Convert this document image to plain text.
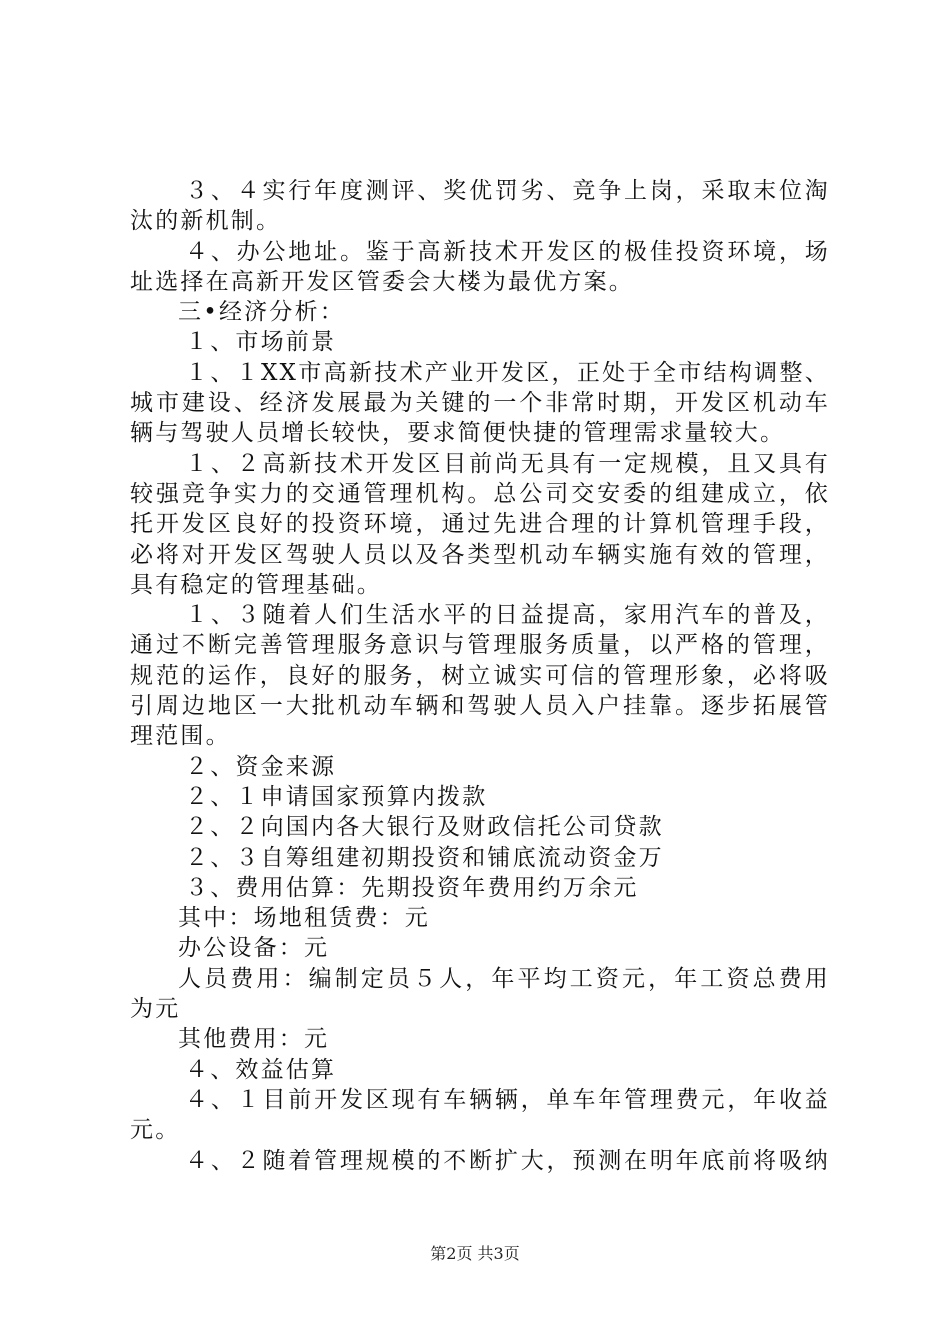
３、４实行年度测评、奖优罚劣、竞争上岗，采取末位淘
汰的新机制。
４、办公地址。鉴于高新技术开发区的极佳投资环境，场
址选择在高新开发区管委会大楼为最优方案。
三•经济分析：
１、市场前景
１、１XX市高新技术产业开发区，正处于全市结构调整、
城市建设、经济发展最为关键的一个非常时期，开发区机动车
辆与驾驶人员增长较快，要求简便快捷的管理需求量较大。
１、２高新技术开发区目前尚无具有一定规模，且又具有
较强竞争实力的交通管理机构。总公司交安委的组建成立，依
托开发区良好的投资环境，通过先进合理的计算机管理手段，
必将对开发区驾驶人员以及各类型机动车辆实施有效的管理，
具有稳定的管理基础。
１、３随着人们生活水平的日益提高，家用汽车的普及，
通过不断完善管理服务意识与管理服务质量，以严格的管理，
规范的运作，良好的服务，树立诚实可信的管理形象，必将吸
引周边地区一大批机动车辆和驾驶人员入户挂靠。逐步拓展管
理范围。
２、资金来源
２、１申请国家预算内拨款
２、２向国内各大银行及财政信托公司贷款
２、３自筹组建初期投资和铺底流动资金万
３、费用估算：先期投资年费用约万余元
其中：场地租赁费：元
办公设备：元
人员费用：编制定员５人，年平均工资元，年工资总费用
为元
其他费用：元
４、效益估算
４、１目前开发区现有车辆辆，单车年管理费元，年收益
元。
４、２随着管理规模的不断扩大，预测在明年底前将吸纳
第2页 共3页
